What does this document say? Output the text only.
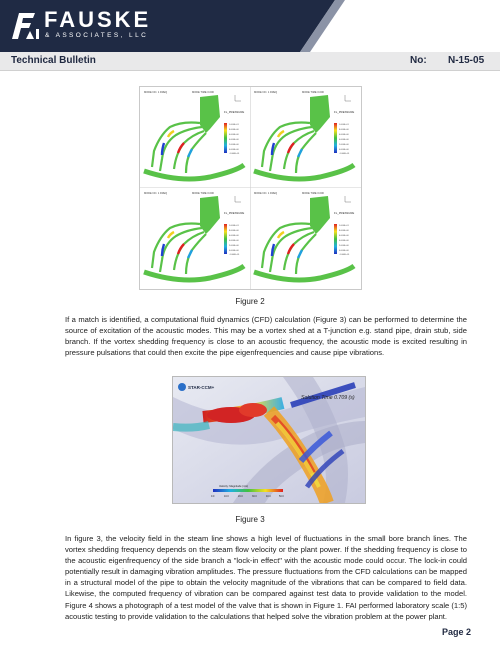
FAUSKE
& ASSOCIATES, LLC
Technical Bulletin	No: N-15-05
MODE NO. 1 FREQ	MODE TIME 0.000
FL_PRESSURE
1.000E+01
8.000E+00
6.000E+00
4.000E+00
2.000E+00
0.000E+00
-1.000E+01
Figure 2

If a match is identified, a computational fluid dynamics (CFD) calculation (Figure 3) can be performed to determine the source of excitation of the acoustic modes. This may be a vortex shed at a T-junction e.g. stand pipe, drain stub, side branch. If the vortex shedding frequency is close to an acoustic frequency, the acoustic mode is excited resulting in pressure pulsations that could then excite the pipe eigenfrequencies and cause pipe vibrations.

STAR-CCM+
Solution Time 0.709 (s)
Velocity: Magnitude (m/s)
0.0	10.0	20.0	30.0	40.0	50.0
Figure 3

In figure 3, the velocity field in the steam line shows a high level of fluctuations in the small bore branch lines. The vortex shedding frequency depends on the steam flow velocity or the plant power. If the shedding frequency is close to the acoustic eigenfrequency of the side branch a "lock-in effect" with the acoustic mode could occur. The lock-in could potentially result in damaging vibration amplitudes. The pressure fluctuations from the CFD calculations can be mapped in a structural model of the pipe to obtain the velocity magnitude of the vibrations that can be compared to field data. Likewise, the computed frequency of vibration can be compared against test data to provide validation to the model. Figure 4 shows a photograph of a test model of the valve that is shown in Figure 1. FAI performed laboratory scale (1:5) acoustic testing to provide validation to the calculations that helped solve the vibration problem at the power plant.

Page 2
